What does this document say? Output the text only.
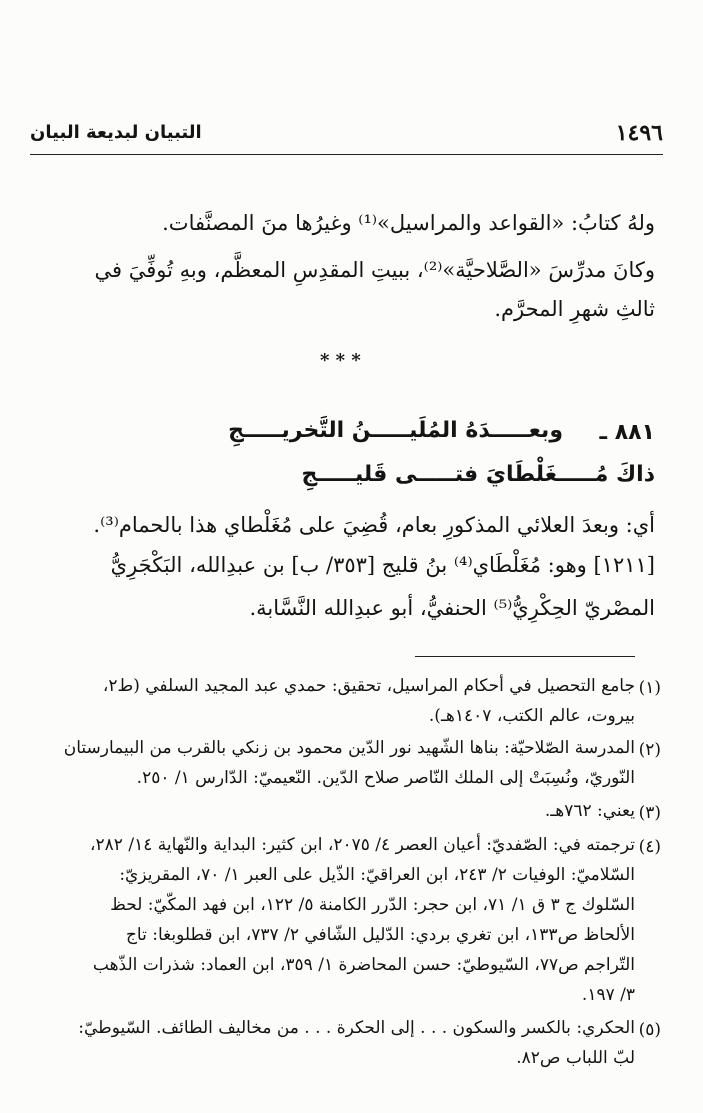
١٤٩٦
التبيان لبديعة البيان
ولهُ كتابُ: «القواعد والمراسيل»⁽¹⁾ وغيرُها منَ المصنَّفات.
وكانَ مدرِّسَ «الصَّلاحيَّة»⁽²⁾، ببيتِ المقدِسِ المعظَّم، وبهِ تُوفِّيَ في
ثالثِ شهرِ المحرَّم.
* * *
٨٨١ ـ
وبعـــــدَهُ المُلَيـــــنُ التَّخريـــــجِ
ذاكَ مُـــــغَلْطَايَ فتـــــى قَليـــــجِ
أي: وبعدَ العلائي المذكورِ بعام، قُضِيَ على مُغَلْطاي هذا بالحمام⁽³⁾.
[١٢١١] وهو: مُغَلْطَاي⁽⁴⁾ بنُ قليج [٣٥٣/ ب] بن عبدِالله، البَكْجَرِيُّ
المصْريّ الحِكْرِيُّ⁽⁵⁾ الحنفيُّ، أبو عبدِالله النَّسَّابة.
(١)
جامع التحصيل في أحكام المراسيل، تحقيق: حمدي عبد المجيد السلفي (ط٢،
بيروت، عالم الكتب، ١٤٠٧هـ).
(٢)
المدرسة الصّلاحيّة: بناها الشّهيد نور الدّين محمود بن زنكي بالقرب من البيمارستان
النّوريّ، ونُسِبَتْ إلى الملك النّاصر صلاح الدّين. النّعيميّ: الدّارس ١/ ٢٥٠.
(٣)
يعني: ٧٦٢هـ.
(٤)
ترجمته في: الصّفديّ: أعيان العصر ٤/ ٢٠٧٥، ابن كثير: البداية والنّهاية ١٤/ ٢٨٢،
السّلاميّ: الوفيات ٢/ ٢٤٣، ابن العراقيّ: الذّيل على العبر ١/ ٧٠، المقريزيّ:
السّلوك ج ٣ ق ١/ ٧١، ابن حجر: الدّرر الكامنة ٥/ ١٢٢، ابن فهد المكّيّ: لحظ
الألحاظ ص١٣٣، ابن تغري بردي: الدّليل الشّافي ٢/ ٧٣٧، ابن قطلوبغا: تاج
التّراجم ص٧٧، السّيوطيّ: حسن المحاضرة ١/ ٣٥٩، ابن العماد: شذرات الذّهب
٣/ ١٩٧.
(٥)
الحكري: بالكسر والسكون . . . إلى الحكرة . . . من مخاليف الطائف. السّيوطيّ:
لبّ اللباب ص٨٢.
